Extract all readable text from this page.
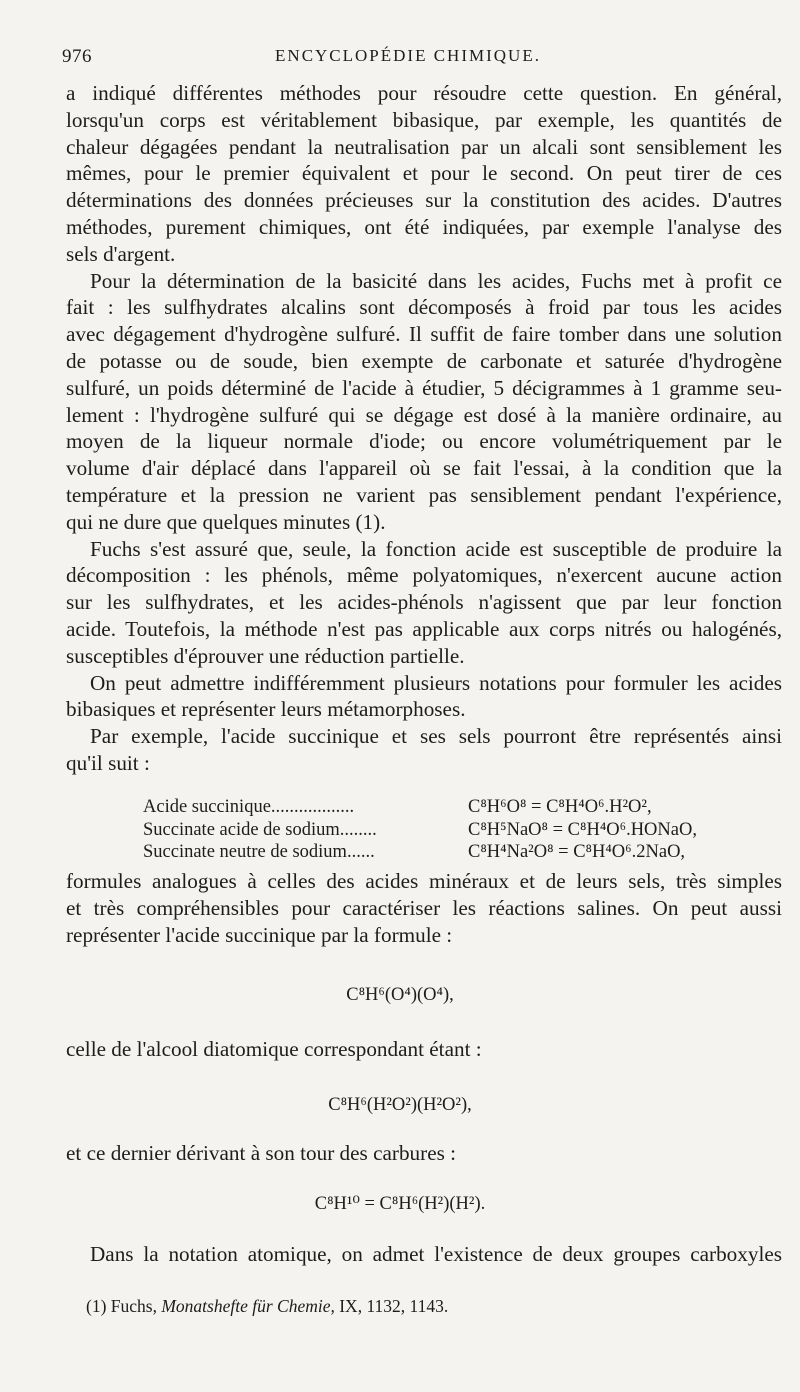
976	ENCYCLOPÉDIE CHIMIQUE.
a indiqué différentes méthodes pour résoudre cette question. En général,
lorsqu'un corps est véritablement bibasique, par exemple, les quantités de
chaleur dégagées pendant la neutralisation par un alcali sont sensiblement les
mêmes, pour le premier équivalent et pour le second. On peut tirer de ces
déterminations des données précieuses sur la constitution des acides. D'autres
méthodes, purement chimiques, ont été indiquées, par exemple l'analyse des
sels d'argent.
Pour la détermination de la basicité dans les acides, Fuchs met à profit ce
fait : les sulfhydrates alcalins sont décomposés à froid par tous les acides
avec dégagement d'hydrogène sulfuré. Il suffit de faire tomber dans une solution
de potasse ou de soude, bien exempte de carbonate et saturée d'hydrogène
sulfuré, un poids déterminé de l'acide à étudier, 5 décigrammes à 1 gramme seu-
lement : l'hydrogène sulfuré qui se dégage est dosé à la manière ordinaire, au
moyen de la liqueur normale d'iode; ou encore volumétriquement par le
volume d'air déplacé dans l'appareil où se fait l'essai, à la condition que la
température et la pression ne varient pas sensiblement pendant l'expérience,
qui ne dure que quelques minutes (1).
Fuchs s'est assuré que, seule, la fonction acide est susceptible de produire la
décomposition : les phénols, même polyatomiques, n'exercent aucune action
sur les sulfhydrates, et les acides-phénols n'agissent que par leur fonction
acide. Toutefois, la méthode n'est pas applicable aux corps nitrés ou halogénés,
susceptibles d'éprouver une réduction partielle.
On peut admettre indifféremment plusieurs notations pour formuler les acides
bibasiques et représenter leurs métamorphoses.
Par exemple, l'acide succinique et ses sels pourront être représentés ainsi
qu'il suit :
Acide succinique..................	C⁸H⁶O⁸ = C⁸H⁴O⁶.H²O²,
Succinate acide de sodium........	C⁸H⁵NaO⁸ = C⁸H⁴O⁶.HONaO,
Succinate neutre de sodium......	C⁸H⁴Na²O⁸ = C⁸H⁴O⁶.2NaO,
formules analogues à celles des acides minéraux et de leurs sels, très simples
et très compréhensibles pour caractériser les réactions salines. On peut aussi
représenter l'acide succinique par la formule :
C⁸H⁶(O⁴)(O⁴),
celle de l'alcool diatomique correspondant étant :
C⁸H⁶(H²O²)(H²O²),
et ce dernier dérivant à son tour des carbures :
C⁸H¹⁰ = C⁸H⁶(H²)(H²).
Dans la notation atomique, on admet l'existence de deux groupes carboxyles
(1) Fuchs, Monatshefte für Chemie, IX, 1132, 1143.
